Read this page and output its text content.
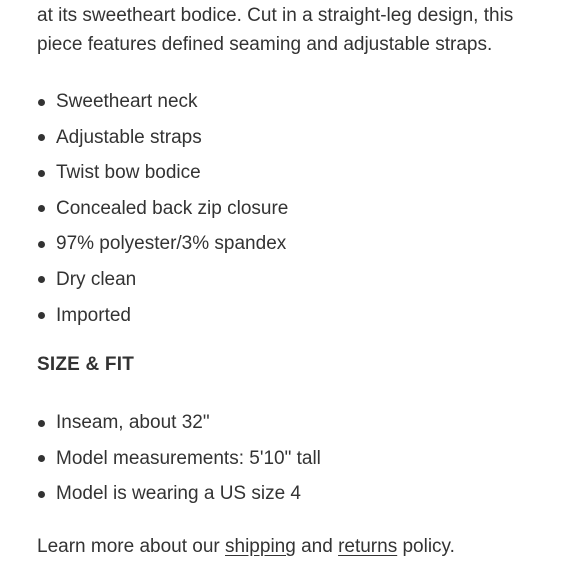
at its sweetheart bodice. Cut in a straight-leg design, this
piece features defined seaming and adjustable straps.

Sweetheart neck
Adjustable straps
Twist bow bodice
Concealed back zip closure
97% polyester/3% spandex
Dry clean
Imported
SIZE & FIT
Inseam, about 32"
Model measurements: 5'10" tall
Model is wearing a US size 4

Learn more about our shipping and returns policy.
